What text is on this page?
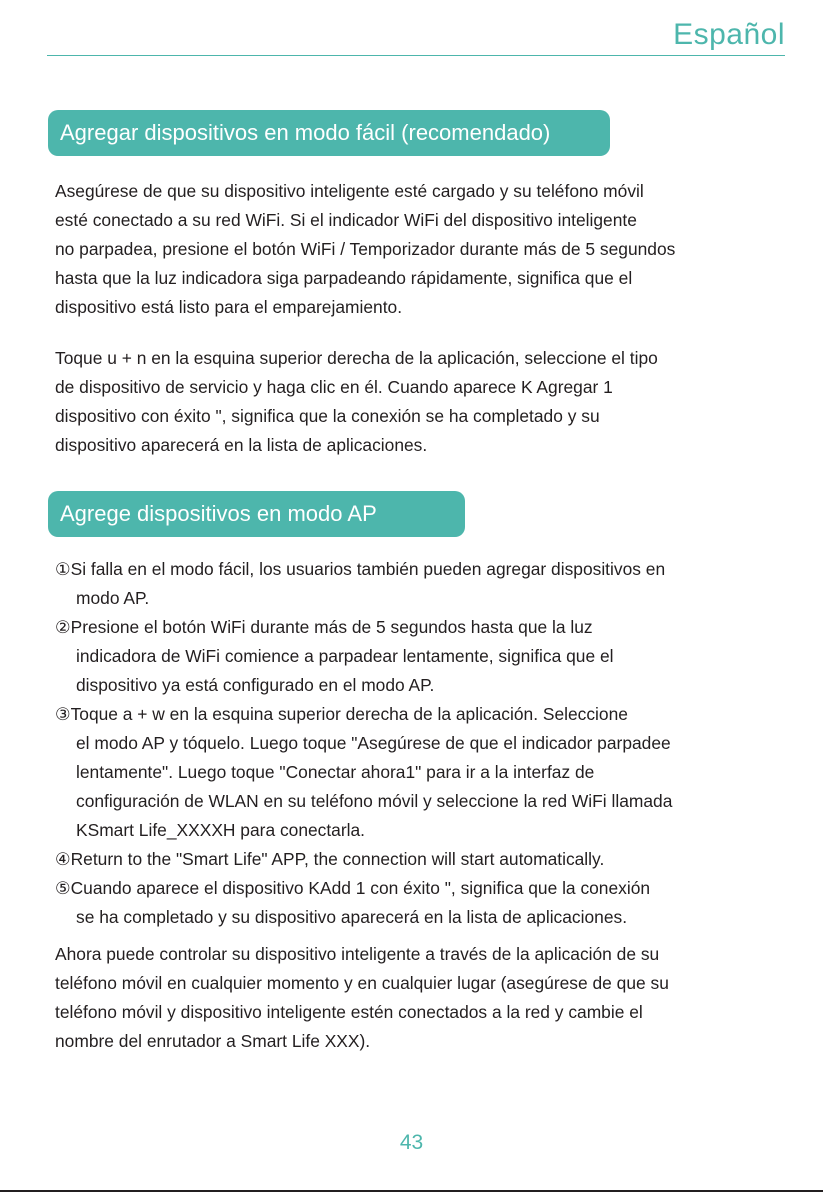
Español
Agregar dispositivos en modo fácil (recomendado)
Asegúrese de que su dispositivo inteligente esté cargado y su teléfono móvil
esté conectado a su red WiFi. Si el indicador WiFi del dispositivo inteligente
no parpadea, presione el botón WiFi / Temporizador durante más de 5 segundos
hasta que la luz indicadora siga parpadeando rápidamente, significa que el
dispositivo está listo para el emparejamiento.
Toque u + n en la esquina superior derecha de la aplicación, seleccione el tipo
de dispositivo de servicio y haga clic en él. Cuando aparece K Agregar 1
dispositivo con éxito ", significa que la conexión se ha completado y su
dispositivo aparecerá en la lista de aplicaciones.
Agrege dispositivos en modo AP
①Si falla en el modo fácil, los usuarios también pueden agregar dispositivos en
modo AP.
②Presione el botón WiFi durante más de 5 segundos hasta que la luz
indicadora de WiFi comience a parpadear lentamente, significa que el
dispositivo ya está configurado en el modo AP.
③Toque a + w en la esquina superior derecha de la aplicación. Seleccione
el modo AP y tóquelo. Luego toque "Asegúrese de que el indicador parpadee
lentamente". Luego toque "Conectar ahora1" para ir a la interfaz de
configuración de WLAN en su teléfono móvil y seleccione la red WiFi llamada
KSmart Life_XXXXH para conectarla.
④Return to the "Smart Life" APP, the connection will start automatically.
⑤Cuando aparece el dispositivo KAdd 1 con éxito ", significa que la conexión
se ha completado y su dispositivo aparecerá en la lista de aplicaciones.
Ahora puede controlar su dispositivo inteligente a través de la aplicación de su
teléfono móvil en cualquier momento y en cualquier lugar (asegúrese de que su
teléfono móvil y dispositivo inteligente estén conectados a la red y cambie el
nombre del enrutador a Smart Life XXX).
43
